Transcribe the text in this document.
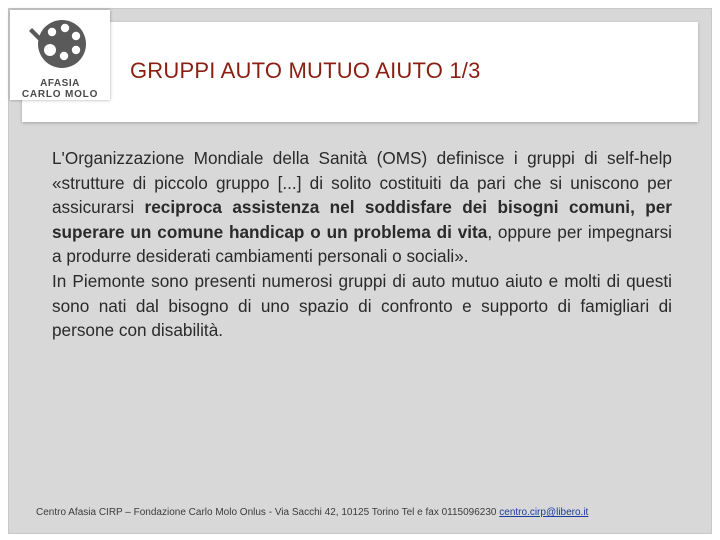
AFASIA
CARLO MOLO
GRUPPI AUTO MUTUO AIUTO 1/3

L'Organizzazione Mondiale della Sanità (OMS) definisce i gruppi di self-help «strutture di piccolo gruppo [...] di solito costituiti da pari che si uniscono per assicurarsi reciproca assistenza nel soddisfare dei bisogni comuni, per superare un comune handicap o un problema di vita, oppure per impegnarsi a produrre desiderati cambiamenti personali o sociali».

In Piemonte sono presenti numerosi gruppi di auto mutuo aiuto e molti di questi sono nati dal bisogno di uno spazio di confronto e supporto di famigliari di persone con disabilità.

Centro Afasia CIRP – Fondazione Carlo Molo Onlus - Via Sacchi 42, 10125 Torino Tel e fax 0115096230 centro.cirp@libero.it
